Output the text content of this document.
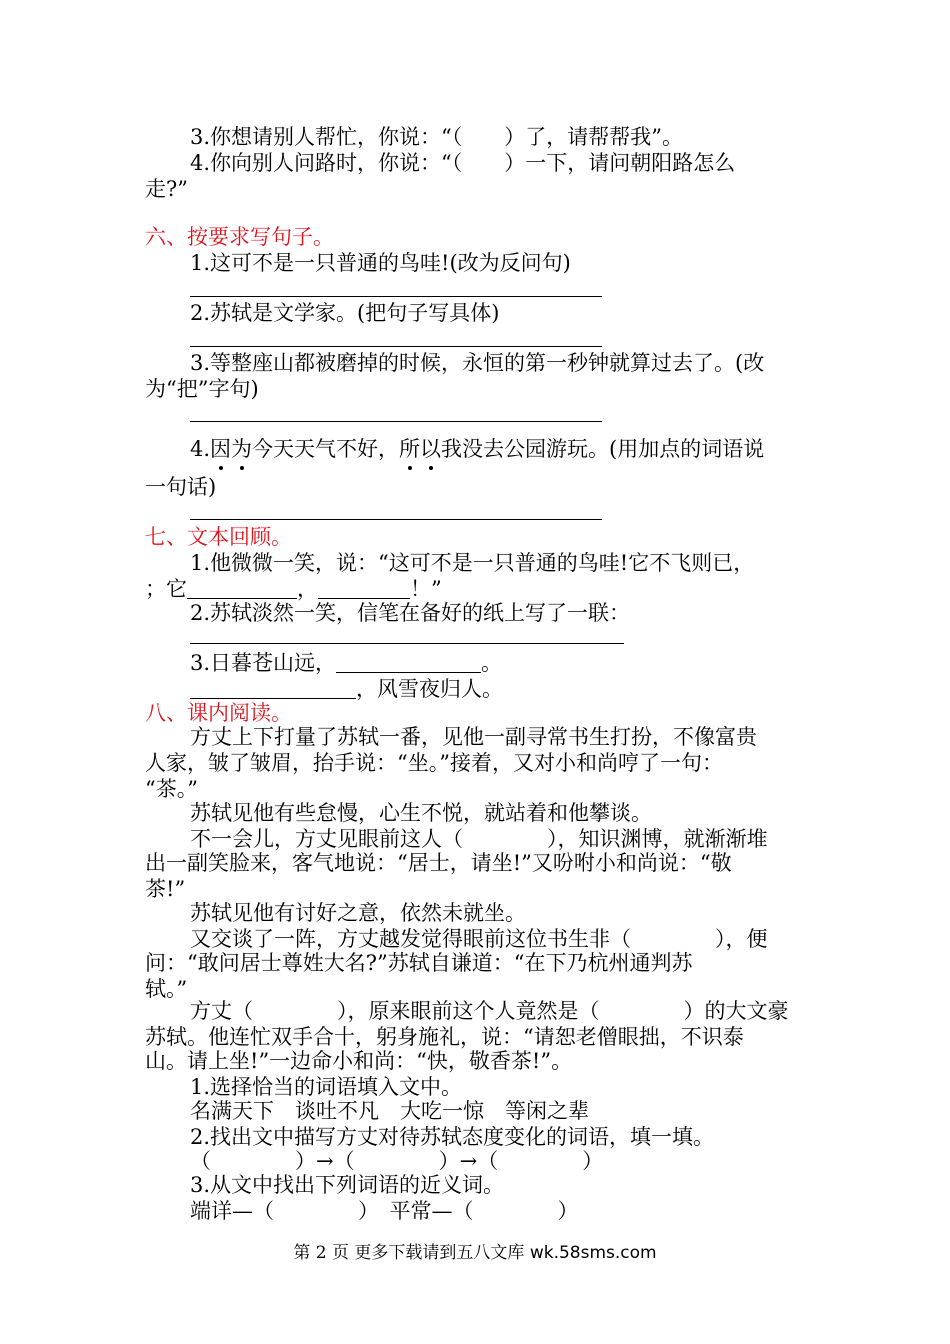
3.你想请别人帮忙，你说：“（　　）了，请帮帮我”。
4.你向别人问路时，你说：“（　　）一下，请问朝阳路怎么
走?”
六、按要求写句子。
1.这可不是一只普通的鸟哇!(改为反问句)
2.苏轼是文学家。(把句子写具体)
3.等整座山都被磨掉的时候，永恒的第一秒钟就算过去了。(改
为“把”字句)
4.因为今天天气不好，所以我没去公园游玩。(用加点的词语说
一句话)
七、文本回顾。
1.他微微一笑，说：“这可不是一只普通的鸟哇!它不飞则已，
；它	，	！”
2.苏轼淡然一笑，信笔在备好的纸上写了一联：
3.日暮苍山远，	。
，风雪夜归人。
八、课内阅读。
方丈上下打量了苏轼一番，见他一副寻常书生打扮，不像富贵
人家，皱了皱眉，抬手说：“坐。”接着，又对小和尚哼了一句：
“茶。”
苏轼见他有些怠慢，心生不悦，就站着和他攀谈。
不一会儿，方丈见眼前这人（　　　　），知识渊博，就渐渐堆
出一副笑脸来，客气地说：“居士，请坐!”又吩咐小和尚说：“敬
茶!”
苏轼见他有讨好之意，依然未就坐。
又交谈了一阵，方丈越发觉得眼前这位书生非（　　　　），便
问：“敢问居士尊姓大名?”苏轼自谦道：“在下乃杭州通判苏
轼。”
方丈（　　　　），原来眼前这个人竟然是（　　　　）的大文豪
苏轼。他连忙双手合十，躬身施礼，说：“请恕老僧眼拙，不识泰
山。请上坐!”一边命小和尚：“快，敬香茶!”。
1.选择恰当的词语填入文中。
名满天下　谈吐不凡　大吃一惊　等闲之辈
2.找出文中描写方丈对待苏轼态度变化的词语，填一填。
（　　　　）→（　　　　）→（　　　　）
3.从文中找出下列词语的近义词。
端详—（　　　　）　平常—（　　　　）
第 2 页 更多下载请到五八文库 wk.58sms.com
